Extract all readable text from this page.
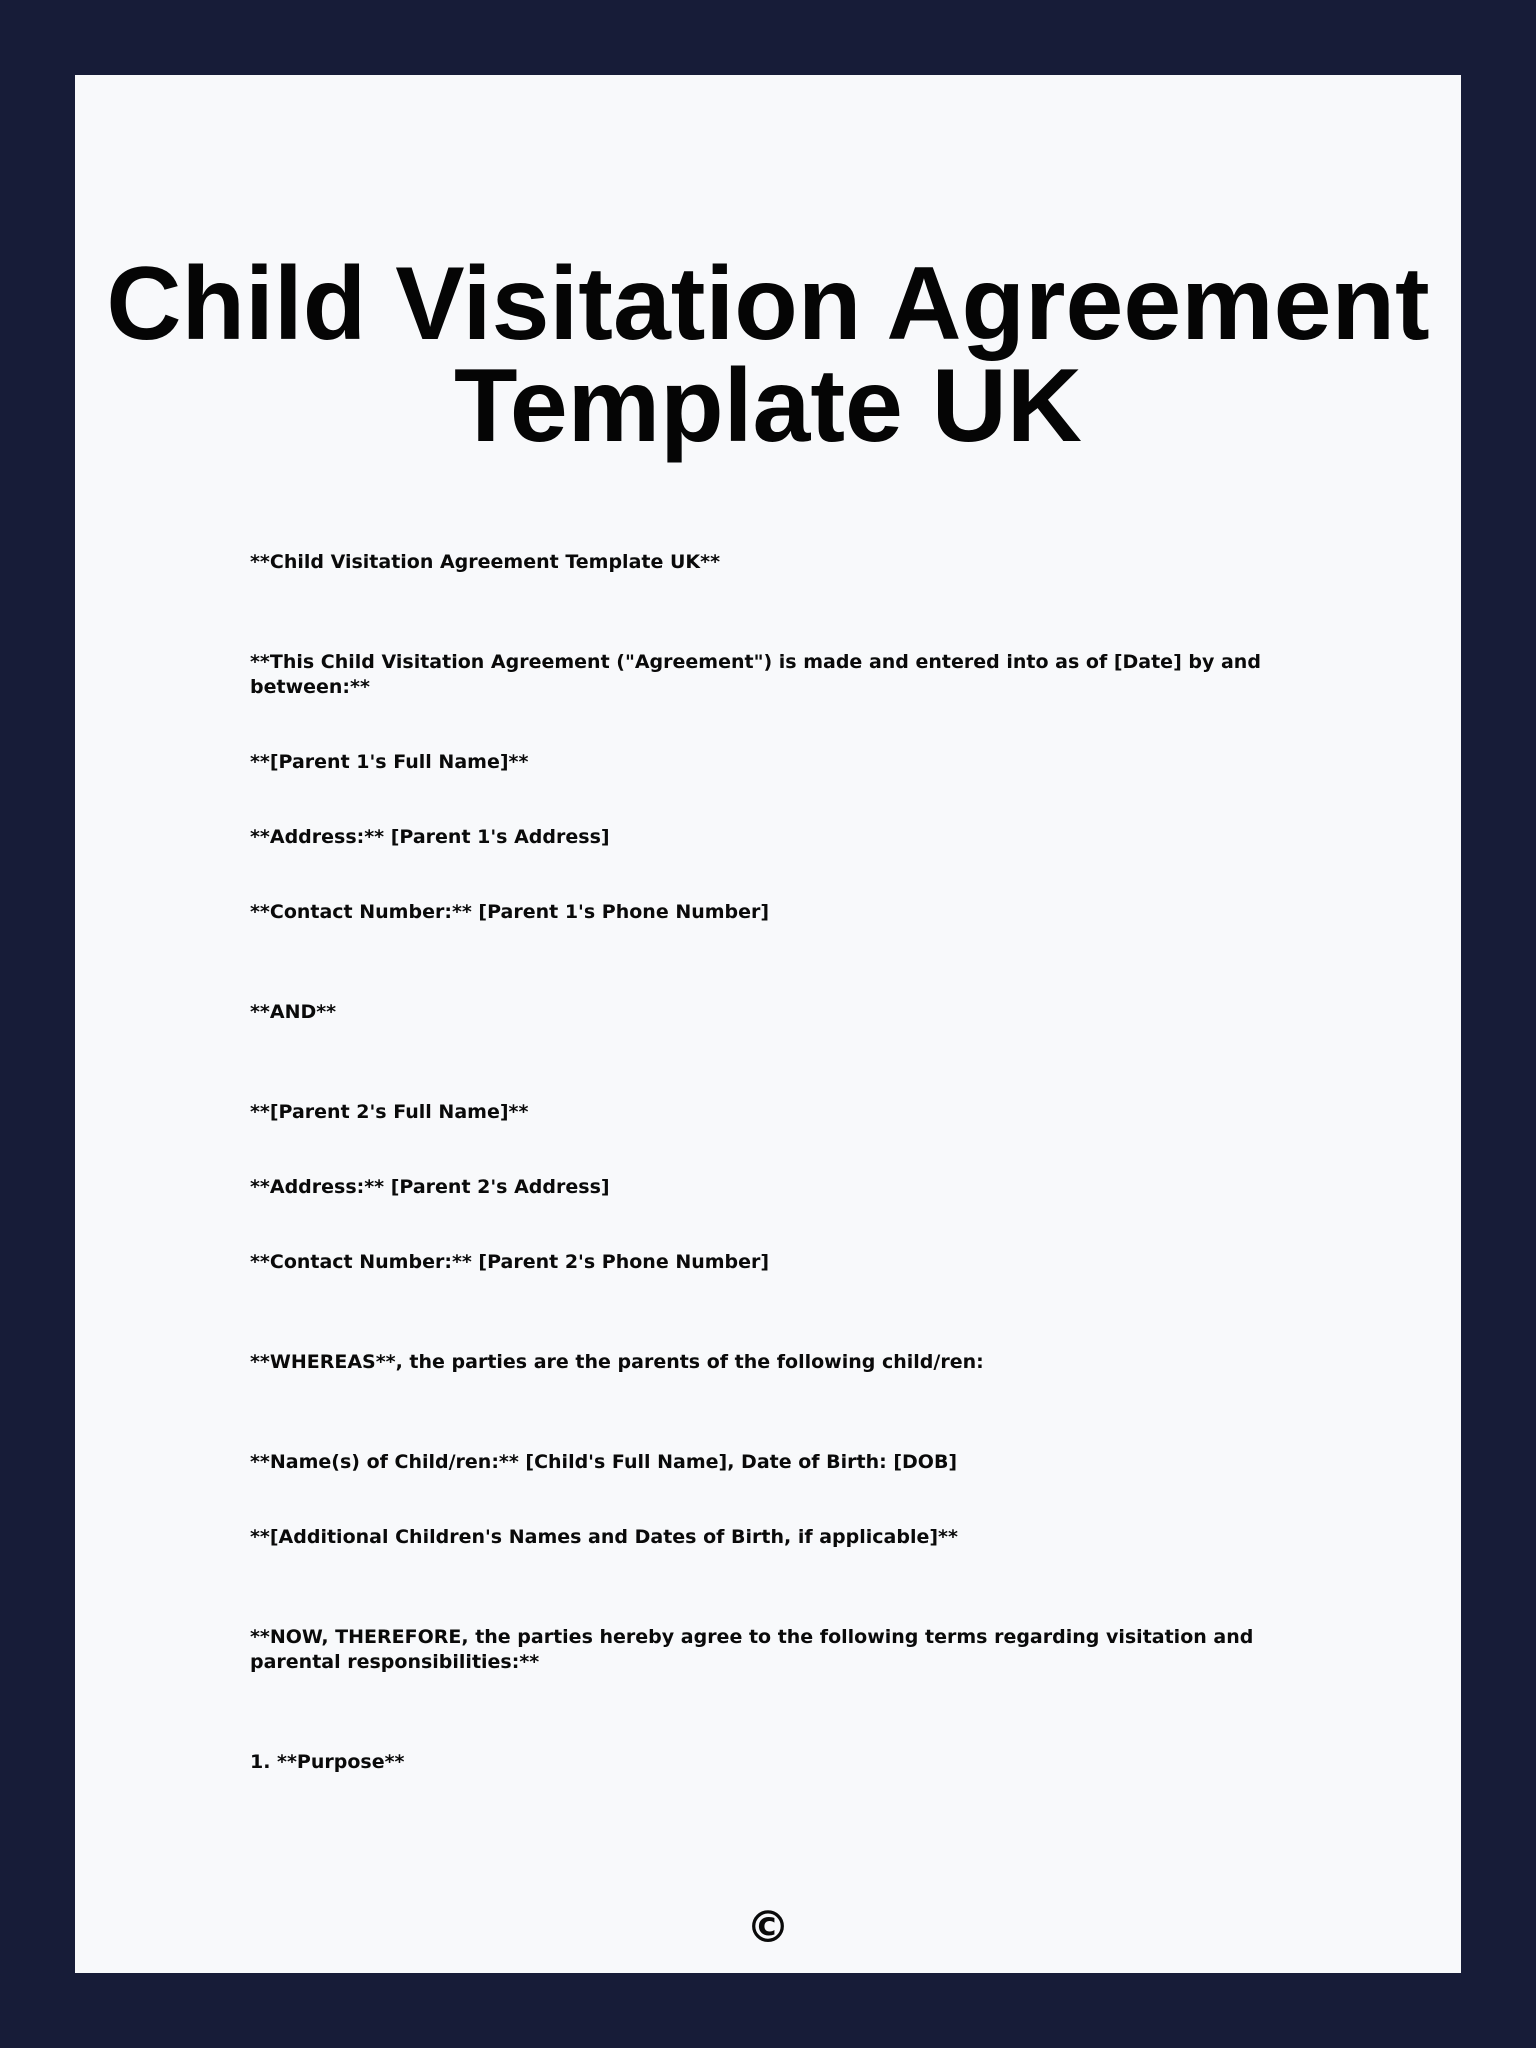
Child Visitation Agreement Template UK

**Child Visitation Agreement Template UK**

**This Child Visitation Agreement ("Agreement") is made and entered into as of [Date] by and between:**

**[Parent 1's Full Name]**

**Address:** [Parent 1's Address]

**Contact Number:** [Parent 1's Phone Number]

**AND**

**[Parent 2's Full Name]**

**Address:** [Parent 2's Address]

**Contact Number:** [Parent 2's Phone Number]

**WHEREAS**, the parties are the parents of the following child/ren:

**Name(s) of Child/ren:** [Child's Full Name], Date of Birth: [DOB]

**[Additional Children's Names and Dates of Birth, if applicable]**

**NOW, THEREFORE, the parties hereby agree to the following terms regarding visitation and parental responsibilities:**

1. **Purpose**

©
